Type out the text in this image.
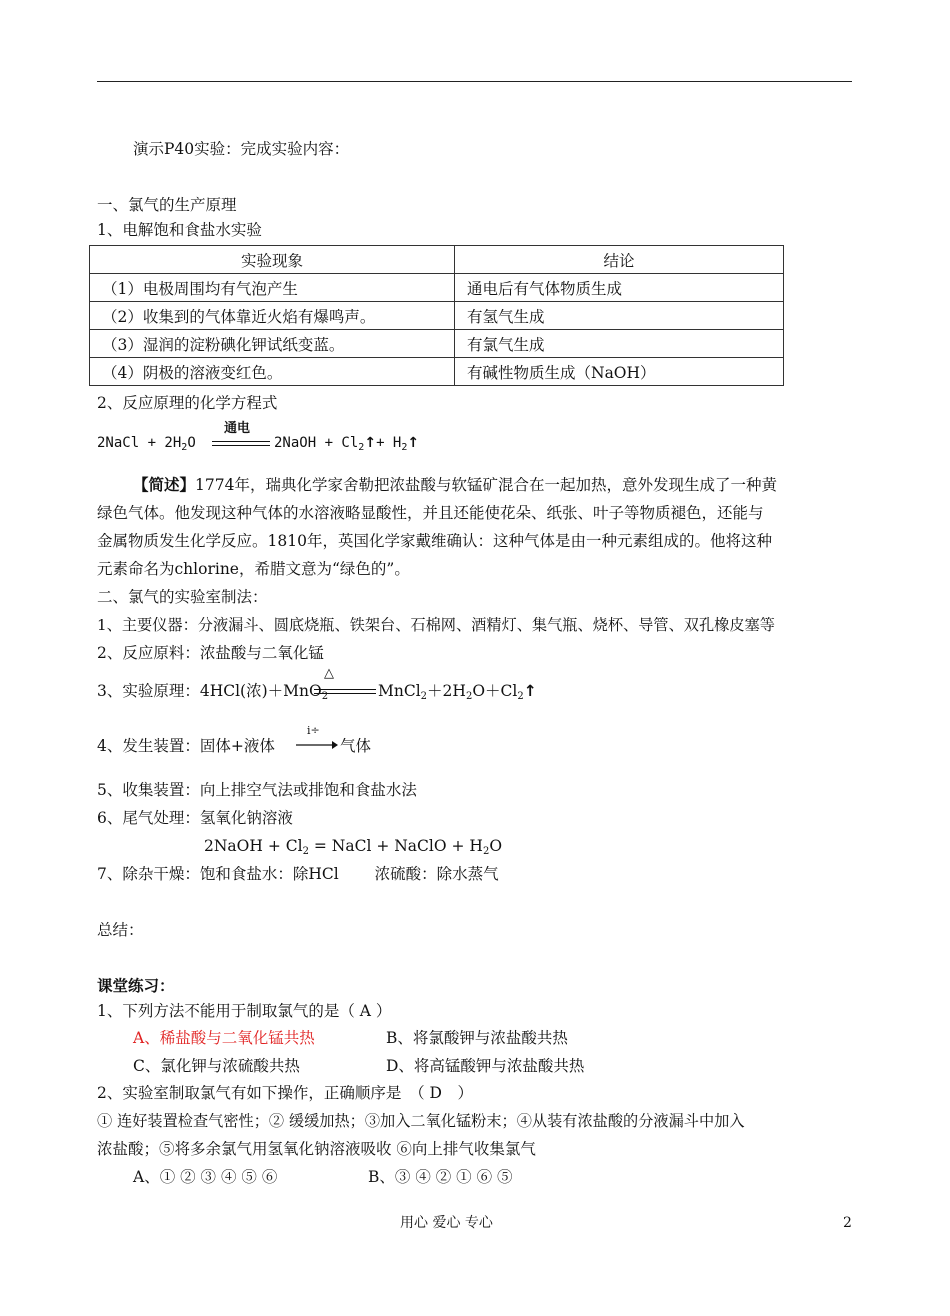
演示P40实验：完成实验内容：
一、氯气的生产原理
1、电解饱和食盐水实验
实验现象	结论
（1）电极周围均有气泡产生	通电后有气体物质生成
（2）收集到的气体靠近火焰有爆鸣声。	有氢气生成
（3）湿润的淀粉碘化钾试纸变蓝。	有氯气生成
（4）阴极的溶液变红色。	有碱性物质生成（NaOH）
2、反应原理的化学方程式
2NaCl + $2H_2O$
通电
2NaOH + $Cl_2↑+$ $H_2↑$
【简述】1774年，瑞典化学家舍勒把浓盐酸与软锰矿混合在一起加热，意外发现生成了一种黄
绿色气体。他发现这种气体的水溶液略显酸性，并且还能使花朵、纸张、叶子等物质褪色，还能与
金属物质发生化学反应。1810年，英国化学家戴维确认：这种气体是由一种元素组成的。他将这种
元素命名为chlorine，希腊文意为“绿色的”。
二、氯气的实验室制法：
1、主要仪器：分液漏斗、圆底烧瓶、铁架台、石棉网、酒精灯、集气瓶、烧杯、导管、双孔橡皮塞等
2、反应原料：浓盐酸与二氧化锰
3、实验原理：4HCl(浓)＋MnO$_2$
△
$MnCl_2+2H_2O+Cl_2↑$
4、发生装置：固体+液体
i÷
气体
5、收集装置：向上排空气法或排饱和食盐水法
6、尾气处理：氢氧化钠溶液
2NaOH + $Cl_2$ = NaCl + NaClO + $H_2O$
7、除杂干燥：饱和食盐水：除HCl　　 浓硫酸：除水蒸气
总结：
课堂练习：
1、下列方法不能用于制取氯气的是（ A ）
A、稀盐酸与二氧化锰共热	B、将氯酸钾与浓盐酸共热
C、氯化钾与浓硫酸共热	D、将高锰酸钾与浓盐酸共热
2、实验室制取氯气有如下操作，正确顺序是　（ D　）
① 连好装置检查气密性；② 缓缓加热；③加入二氧化锰粉末；④从装有浓盐酸的分液漏斗中加入
浓盐酸；⑤将多余氯气用氢氧化钠溶液吸收 ⑥向上排气收集氯气
A、① ② ③ ④ ⑤ ⑥	B、③ ④ ② ① ⑥ ⑤
用心 爱心 专心	2
